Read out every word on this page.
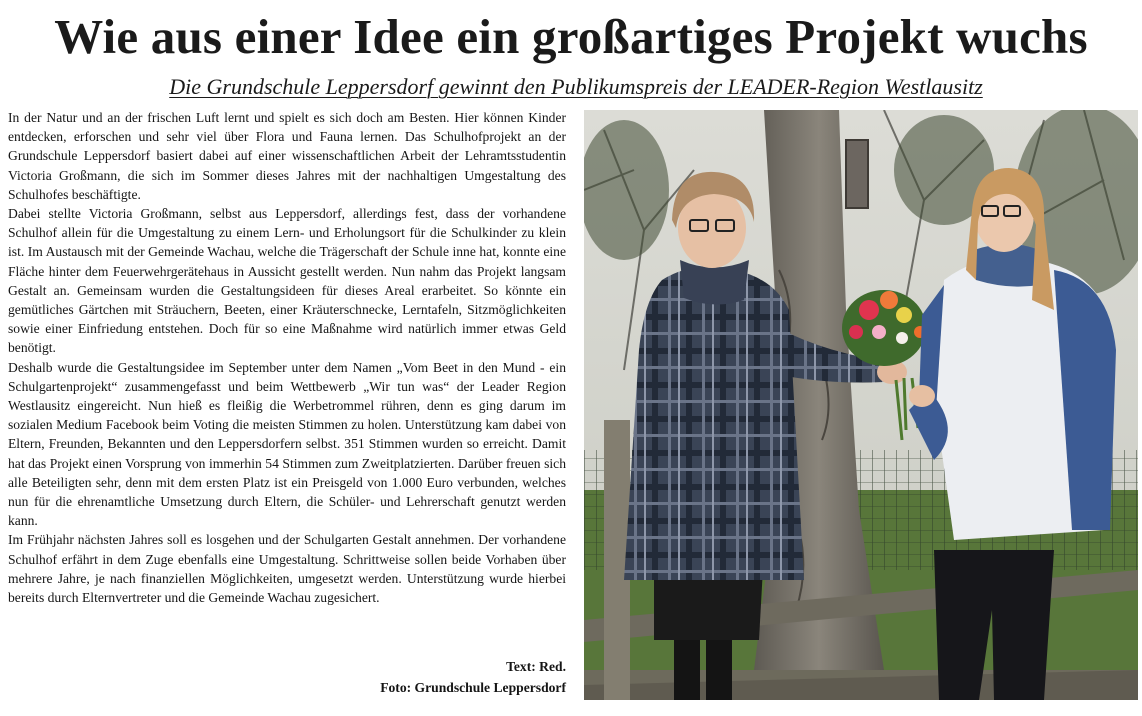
Wie aus einer Idee ein großartiges Projekt wuchs
Die Grundschule Leppersdorf gewinnt den Publikumspreis der LEADER-Region Westlausitz

In der Natur und an der frischen Luft lernt und spielt es sich doch am Besten. Hier können Kinder entdecken, erforschen und sehr viel über Flora und Fauna lernen. Das Schulhofprojekt an der Grundschule Leppersdorf basiert dabei auf einer wissenschaftlichen Arbeit der Lehramtsstudentin Victoria Großmann, die sich im Sommer dieses Jahres mit der nachhaltigen Umgestaltung des Schulhofes beschäftigte.

Dabei stellte Victoria Großmann, selbst aus Leppersdorf, allerdings fest, dass der vorhandene Schulhof allein für die Umgestaltung zu einem Lern- und Erholungsort für die Schulkinder zu klein ist. Im Austausch mit der Gemeinde Wachau, welche die Trägerschaft der Schule inne hat, konnte eine Fläche hinter dem Feuerwehrgerätehaus in Aussicht gestellt werden. Nun nahm das Projekt langsam Gestalt an. Gemeinsam wurden die Gestaltungsideen für dieses Areal erarbeitet. So könnte ein gemütliches Gärtchen mit Sträuchern, Beeten, einer Kräuterschnecke, Lerntafeln, Sitzmöglichkeiten sowie einer Einfriedung entstehen. Doch für so eine Maßnahme wird natürlich immer etwas Geld benötigt.

Deshalb wurde die Gestaltungsidee im September unter dem Namen „Vom Beet in den Mund - ein Schulgartenprojekt“ zusammengefasst und beim Wettbewerb „Wir tun was“ der Leader Region Westlausitz eingereicht. Nun hieß es fleißig die Werbetrommel rühren, denn es ging darum im sozialen Medium Facebook beim Voting die meisten Stimmen zu holen. Unterstützung kam dabei von Eltern, Freunden, Bekannten und den Leppersdorfern selbst. 351 Stimmen wurden so erreicht. Damit hat das Projekt einen Vorsprung von immerhin 54 Stimmen zum Zweitplatzierten. Darüber freuen sich alle Beteiligten sehr, denn mit dem ersten Platz ist ein Preisgeld von 1.000 Euro verbunden, welches nun für die ehrenamtliche Umsetzung durch Eltern, die Schüler- und Lehrerschaft genutzt werden kann.

Im Frühjahr nächsten Jahres soll es losgehen und der Schulgarten Gestalt annehmen. Der vorhandene Schulhof erfährt in dem Zuge ebenfalls eine Umgestaltung. Schrittweise sollen beide Vorhaben über mehrere Jahre, je nach finanziellen Möglichkeiten, umgesetzt werden. Unterstützung wurde hierbei bereits durch Elternvertreter und die Gemeinde Wachau zugesichert.

Text: Red.
Foto: Grundschule Leppersdorf
